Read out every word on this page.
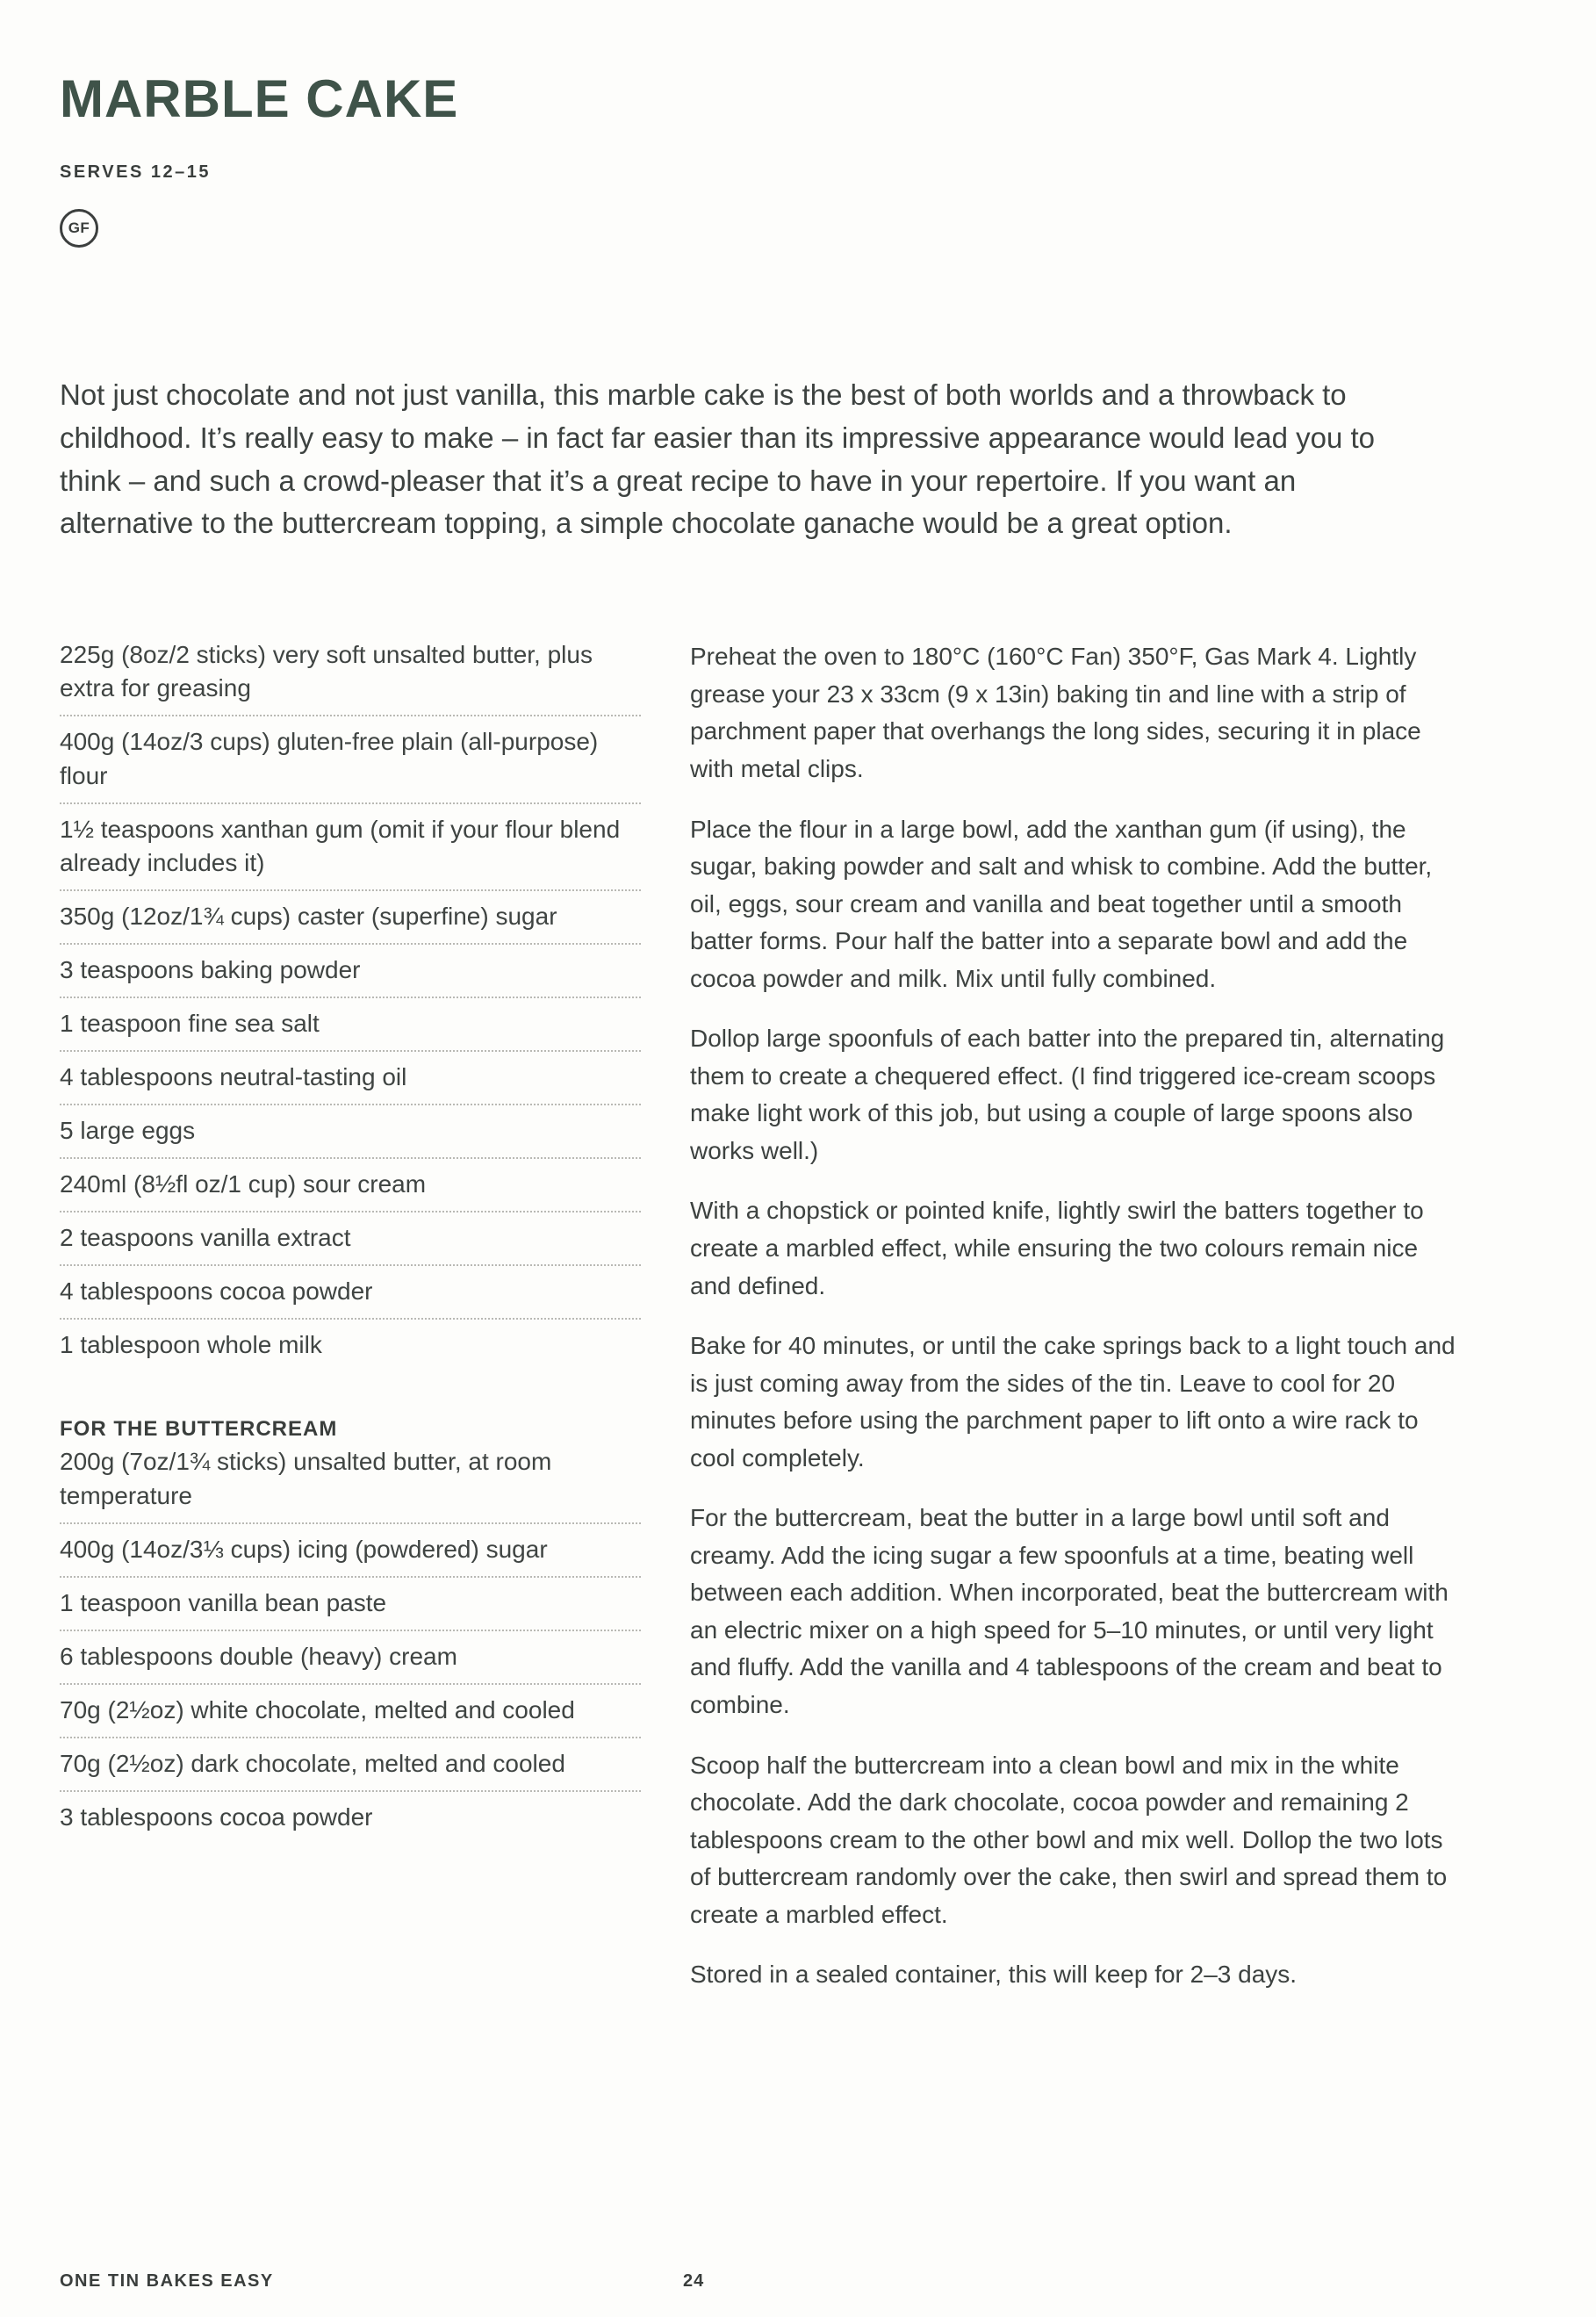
MARBLE CAKE
SERVES 12–15
GF

Not just chocolate and not just vanilla, this marble cake is the best of both worlds and a throwback to childhood. It’s really easy to make – in fact far easier than its impressive appearance would lead you to think – and such a crowd-pleaser that it’s a great recipe to have in your repertoire. If you want an alternative to the buttercream topping, a simple chocolate ganache would be a great option.

225g (8oz/2 sticks) very soft unsalted butter, plus extra for greasing
400g (14oz/3 cups) gluten-free plain (all-purpose) flour
1½ teaspoons xanthan gum (omit if your flour blend already includes it)
350g (12oz/1¾ cups) caster (superfine) sugar
3 teaspoons baking powder
1 teaspoon fine sea salt
4 tablespoons neutral-tasting oil
5 large eggs
240ml (8½fl oz/1 cup) sour cream
2 teaspoons vanilla extract
4 tablespoons cocoa powder
1 tablespoon whole milk
FOR THE BUTTERCREAM
200g (7oz/1¾ sticks) unsalted butter, at room temperature
400g (14oz/3⅓ cups) icing (powdered) sugar
1 teaspoon vanilla bean paste
6 tablespoons double (heavy) cream
70g (2½oz) white chocolate, melted and cooled
70g (2½oz) dark chocolate, melted and cooled
3 tablespoons cocoa powder

Preheat the oven to 180°C (160°C Fan) 350°F, Gas Mark 4. Lightly grease your 23 x 33cm (9 x 13in) baking tin and line with a strip of parchment paper that overhangs the long sides, securing it in place with metal clips.

Place the flour in a large bowl, add the xanthan gum (if using), the sugar, baking powder and salt and whisk to combine. Add the butter, oil, eggs, sour cream and vanilla and beat together until a smooth batter forms. Pour half the batter into a separate bowl and add the cocoa powder and milk. Mix until fully combined.

Dollop large spoonfuls of each batter into the prepared tin, alternating them to create a chequered effect. (I find triggered ice-cream scoops make light work of this job, but using a couple of large spoons also works well.)

With a chopstick or pointed knife, lightly swirl the batters together to create a marbled effect, while ensuring the two colours remain nice and defined.

Bake for 40 minutes, or until the cake springs back to a light touch and is just coming away from the sides of the tin. Leave to cool for 20 minutes before using the parchment paper to lift onto a wire rack to cool completely.

For the buttercream, beat the butter in a large bowl until soft and creamy. Add the icing sugar a few spoonfuls at a time, beating well between each addition. When incorporated, beat the buttercream with an electric mixer on a high speed for 5–10 minutes, or until very light and fluffy. Add the vanilla and 4 tablespoons of the cream and beat to combine.

Scoop half the buttercream into a clean bowl and mix in the white chocolate. Add the dark chocolate, cocoa powder and remaining 2 tablespoons cream to the other bowl and mix well. Dollop the two lots of buttercream randomly over the cake, then swirl and spread them to create a marbled effect.

Stored in a sealed container, this will keep for 2–3 days.

ONE TIN BAKES EASY	24
